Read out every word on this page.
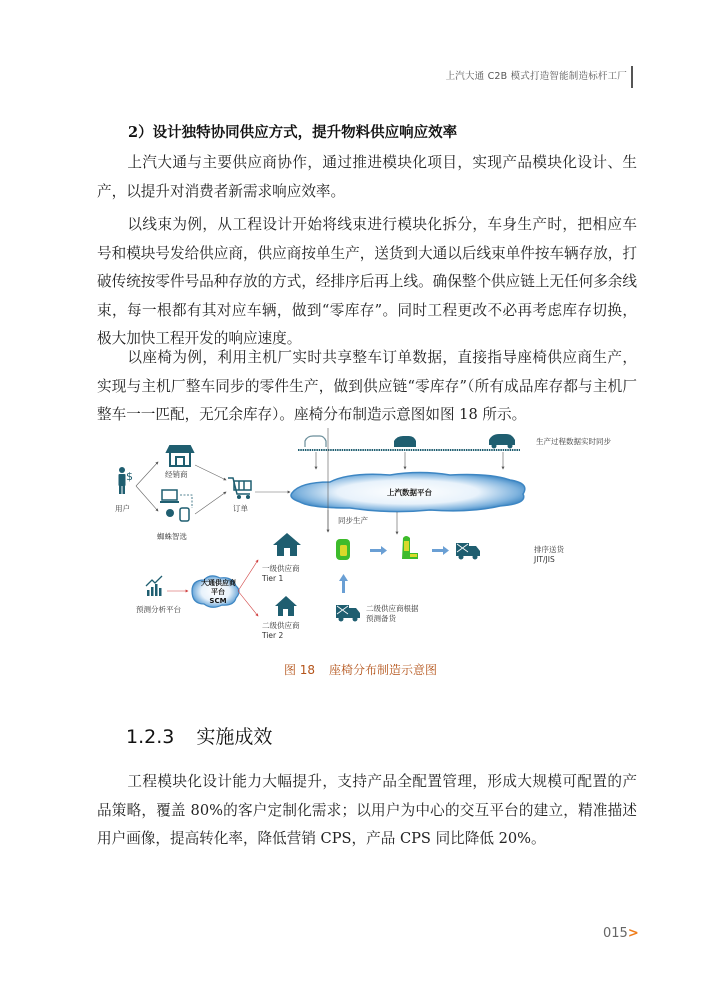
上汽大通 C2B 模式打造智能制造标杆工厂
2）设计独特协同供应方式，提升物料供应响应效率
上汽大通与主要供应商协作，通过推进模块化项目，实现产品模块化设计、生产，以提升对消费者新需求响应效率。
以线束为例，从工程设计开始将线束进行模块化拆分，车身生产时，把相应车号和模块号发给供应商，供应商按单生产，送货到大通以后线束单件按车辆存放，打破传统按零件号品种存放的方式，经排序后再上线。确保整个供应链上无任何多余线束，每一根都有其对应车辆，做到“零库存”。同时工程更改不必再考虑库存切换，极大加快工程开发的响应速度。
以座椅为例，利用主机厂实时共享整车订单数据，直接指导座椅供应商生产，实现与主机厂整车同步的零件生产，做到供应链“零库存”（所有成品库存都与主机厂整车一一匹配，无冗余库存）。座椅分布制造示意图如图 18 所示。
$
用户
经销商
蜘蛛智选
订单
生产过程数据实时同步
上汽数据平台
同步生产
排序送货
JIT/JIS
预测分析平台
大通供应商
平台
SCM
一级供应商
Tier 1
二级供应商
Tier 2
二级供应商根据
预测备货
图 18 座椅分布制造示意图
1.2.3 实施成效
工程模块化设计能力大幅提升，支持产品全配置管理，形成大规模可配置的产品策略，覆盖 80%的客户定制化需求；以用户为中心的交互平台的建立，精准描述用户画像，提高转化率，降低营销 CPS，产品 CPS 同比降低 20%。
015>
